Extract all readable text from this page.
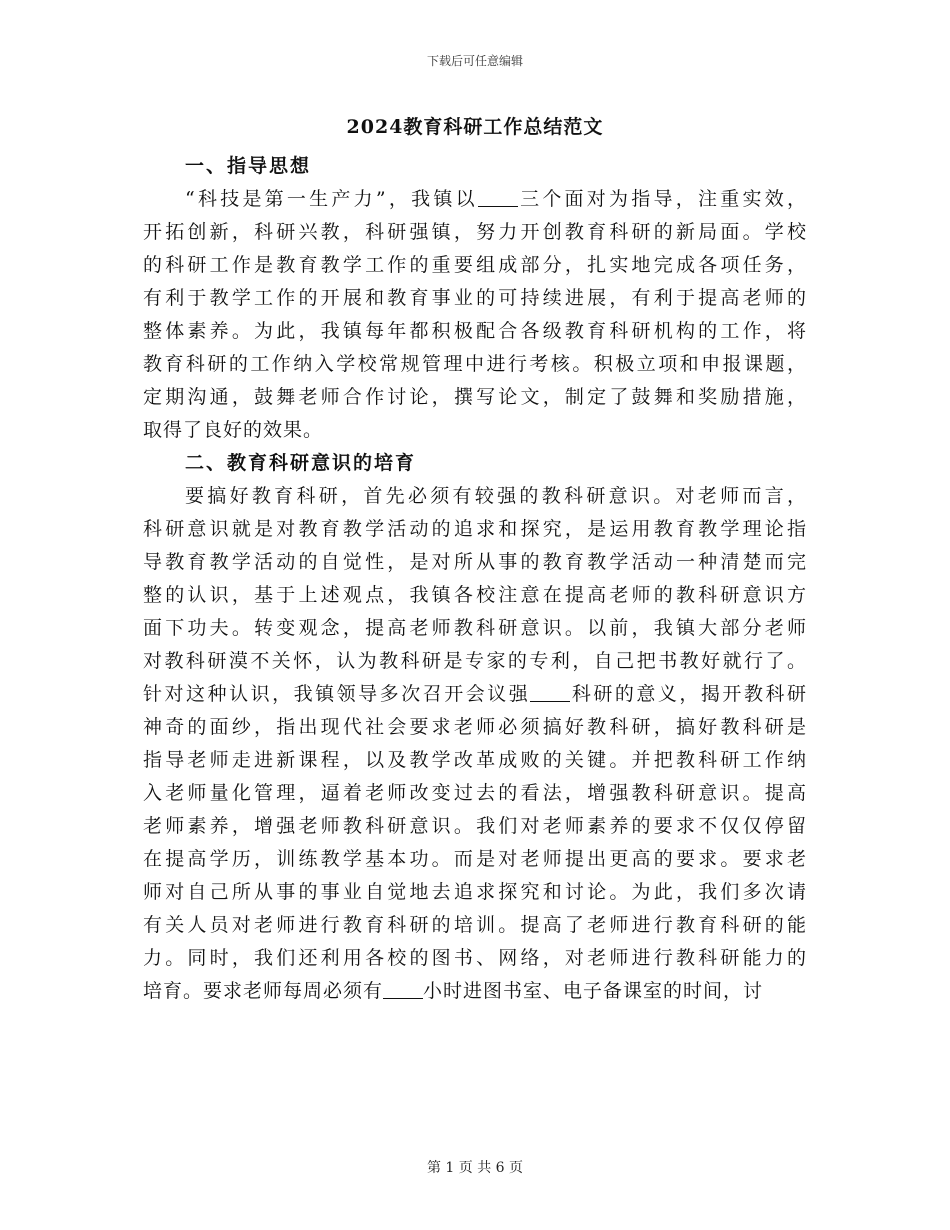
下载后可任意编辑
2024教育科研工作总结范文
一、指导思想
“科技是第一生产力”，我镇以 三个面对为指导，注重实效，
开拓创新，科研兴教，科研强镇，努力开创教育科研的新局面。学校
的科研工作是教育教学工作的重要组成部分，扎实地完成各项任务，
有利于教学工作的开展和教育事业的可持续进展，有利于提高老师的
整体素养。为此，我镇每年都积极配合各级教育科研机构的工作，将
教育科研的工作纳入学校常规管理中进行考核。积极立项和申报课题，
定期沟通，鼓舞老师合作讨论，撰写论文，制定了鼓舞和奖励措施，
取得了良好的效果。
二、教育科研意识的培育
要搞好教育科研，首先必须有较强的教科研意识。对老师而言，
科研意识就是对教育教学活动的追求和探究，是运用教育教学理论指
导教育教学活动的自觉性，是对所从事的教育教学活动一种清楚而完
整的认识，基于上述观点，我镇各校注意在提高老师的教科研意识方
面下功夫。转变观念，提高老师教科研意识。以前，我镇大部分老师
对教科研漠不关怀，认为教科研是专家的专利，自己把书教好就行了。
针对这种认识，我镇领导多次召开会议强 科研的意义，揭开教科研
神奇的面纱，指出现代社会要求老师必须搞好教科研，搞好教科研是
指导老师走进新课程，以及教学改革成败的关键。并把教科研工作纳
入老师量化管理，逼着老师改变过去的看法，增强教科研意识。提高
老师素养，增强老师教科研意识。我们对老师素养的要求不仅仅停留
在提高学历，训练教学基本功。而是对老师提出更高的要求。要求老
师对自己所从事的事业自觉地去追求探究和讨论。为此，我们多次请
有关人员对老师进行教育科研的培训。提高了老师进行教育科研的能
力。同时，我们还利用各校的图书、网络，对老师进行教科研能力的
培育。要求老师每周必须有 小时进图书室、电子备课室的时间，讨
第 1 页 共 6 页
